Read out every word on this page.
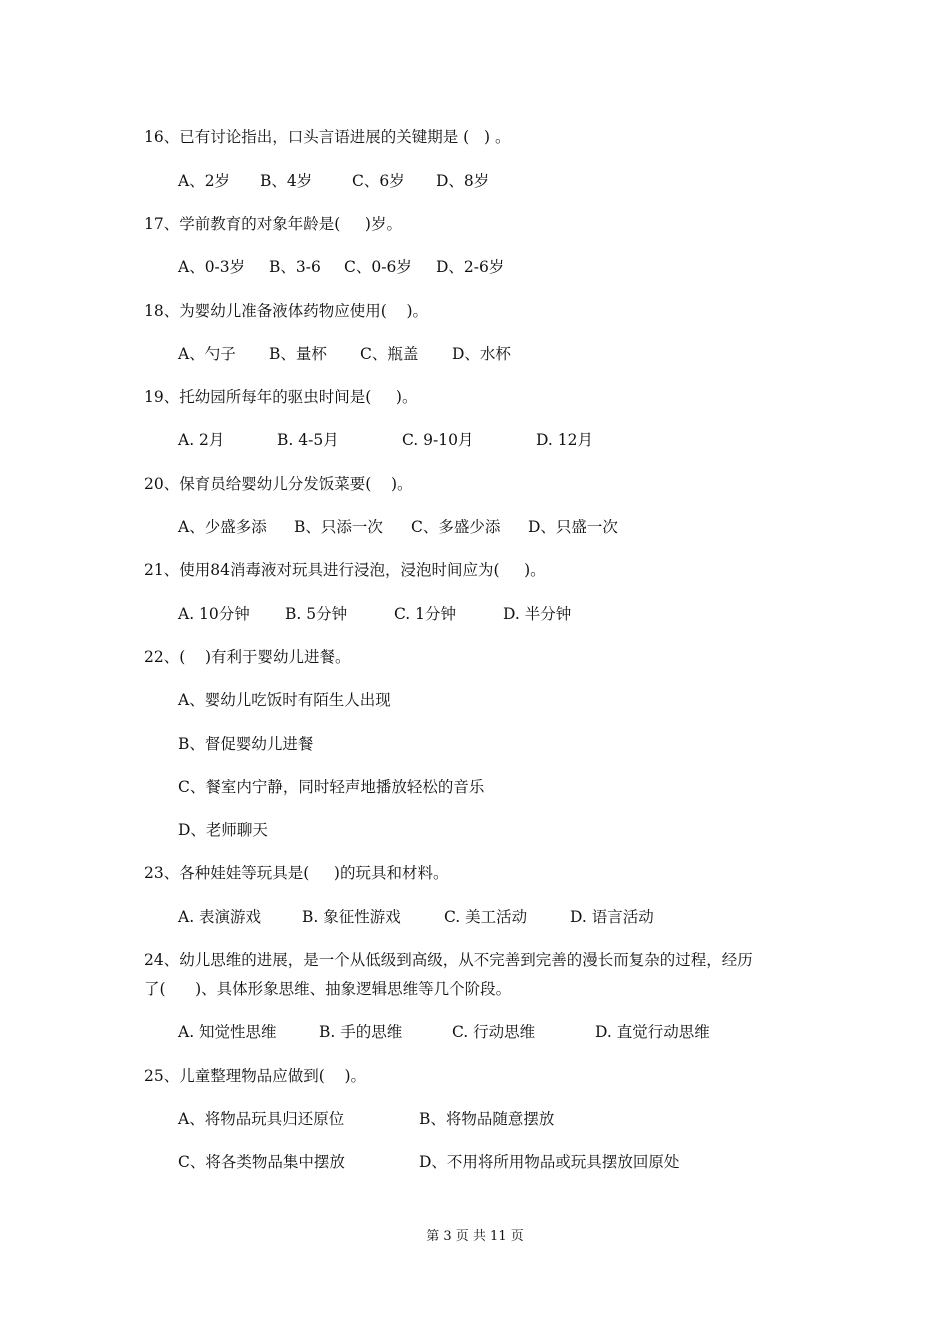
16、已有讨论指出，口头言语进展的关键期是 (   ) 。

A、2岁

B、4岁

	C、6岁

D、8岁

17、学前教育的对象年龄是(     )岁。

A、0-3岁

B、3-6

C、0-6岁

D、2-6岁

18、为婴幼儿准备液体药物应使用(    )。

A、勺子

B、量杯

C、瓶盖

D、水杯

19、托幼园所每年的驱虫时间是(     )。

A. 2月

	B. 4-5月

	C. 9-10月

	D. 12月

20、保育员给婴幼儿分发饭菜要(    )。

A、少盛多添

B、只添一次

C、多盛少添

D、只盛一次

21、使用84消毒液对玩具进行浸泡，浸泡时间应为(     )。

A. 10分钟

B. 5分钟

	C. 1分钟

	D. 半分钟

22、(    )有利于婴幼儿进餐。
A、婴幼儿吃饭时有陌生人出现
B、督促婴幼儿进餐
C、餐室内宁静，同时轻声地播放轻松的音乐
D、老师聊天
23、各种娃娃等玩具是(     )的玩具和材料。

A. 表演游戏

	B. 象征性游戏

	C. 美工活动

	D. 语言活动

24、幼儿思维的进展，是一个从低级到高级，从不完善到完善的漫长而复杂的过程，经历
了(      )、具体形象思维、抽象逻辑思维等几个阶段。

A. 知觉性思维

	B. 手的思维

	C. 行动思维

	D. 直觉行动思维

25、儿童整理物品应做到(    )。

A、将物品玩具归还原位

	B、将物品随意摆放

C、将各类物品集中摆放

	D、不用将所用物品或玩具摆放回原处

第 3 页 共 11 页
